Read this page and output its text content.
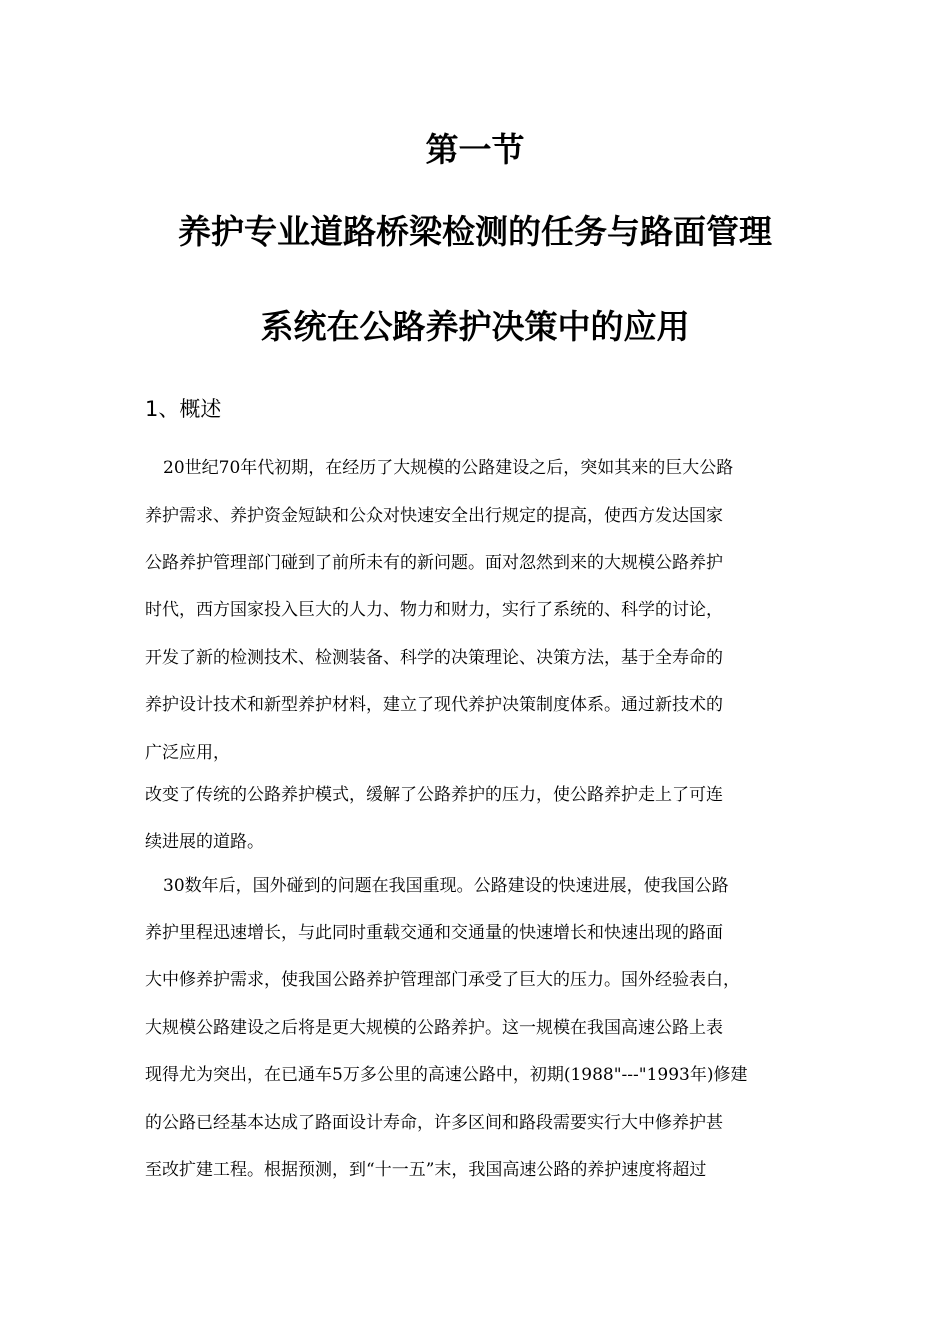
第一节
养护专业道路桥梁检测的任务与路面管理
系统在公路养护决策中的应用
1、概述
20世纪70年代初期，在经历了大规模的公路建设之后，突如其来的巨大公路
养护需求、养护资金短缺和公众对快速安全出行规定的提高，使西方发达国家
公路养护管理部门碰到了前所未有的新问题。面对忽然到来的大规模公路养护
时代，西方国家投入巨大的人力、物力和财力，实行了系统的、科学的讨论，
开发了新的检测技术、检测装备、科学的决策理论、决策方法，基于全寿命的
养护设计技术和新型养护材料，建立了现代养护决策制度体系。通过新技术的
广泛应用，
改变了传统的公路养护模式，缓解了公路养护的压力，使公路养护走上了可连
续进展的道路。
30数年后，国外碰到的问题在我国重现。公路建设的快速进展，使我国公路
养护里程迅速增长，与此同时重载交通和交通量的快速增长和快速出现的路面
大中修养护需求，使我国公路养护管理部门承受了巨大的压力。国外经验表白，
大规模公路建设之后将是更大规模的公路养护。这一规模在我国高速公路上表
现得尤为突出，在已通车5万多公里的高速公路中，初期(1988"---"1993年)修建
的公路已经基本达成了路面设计寿命，许多区间和路段需要实行大中修养护甚
至改扩建工程。根据预测，到“十一五”末，我国高速公路的养护速度将超过
